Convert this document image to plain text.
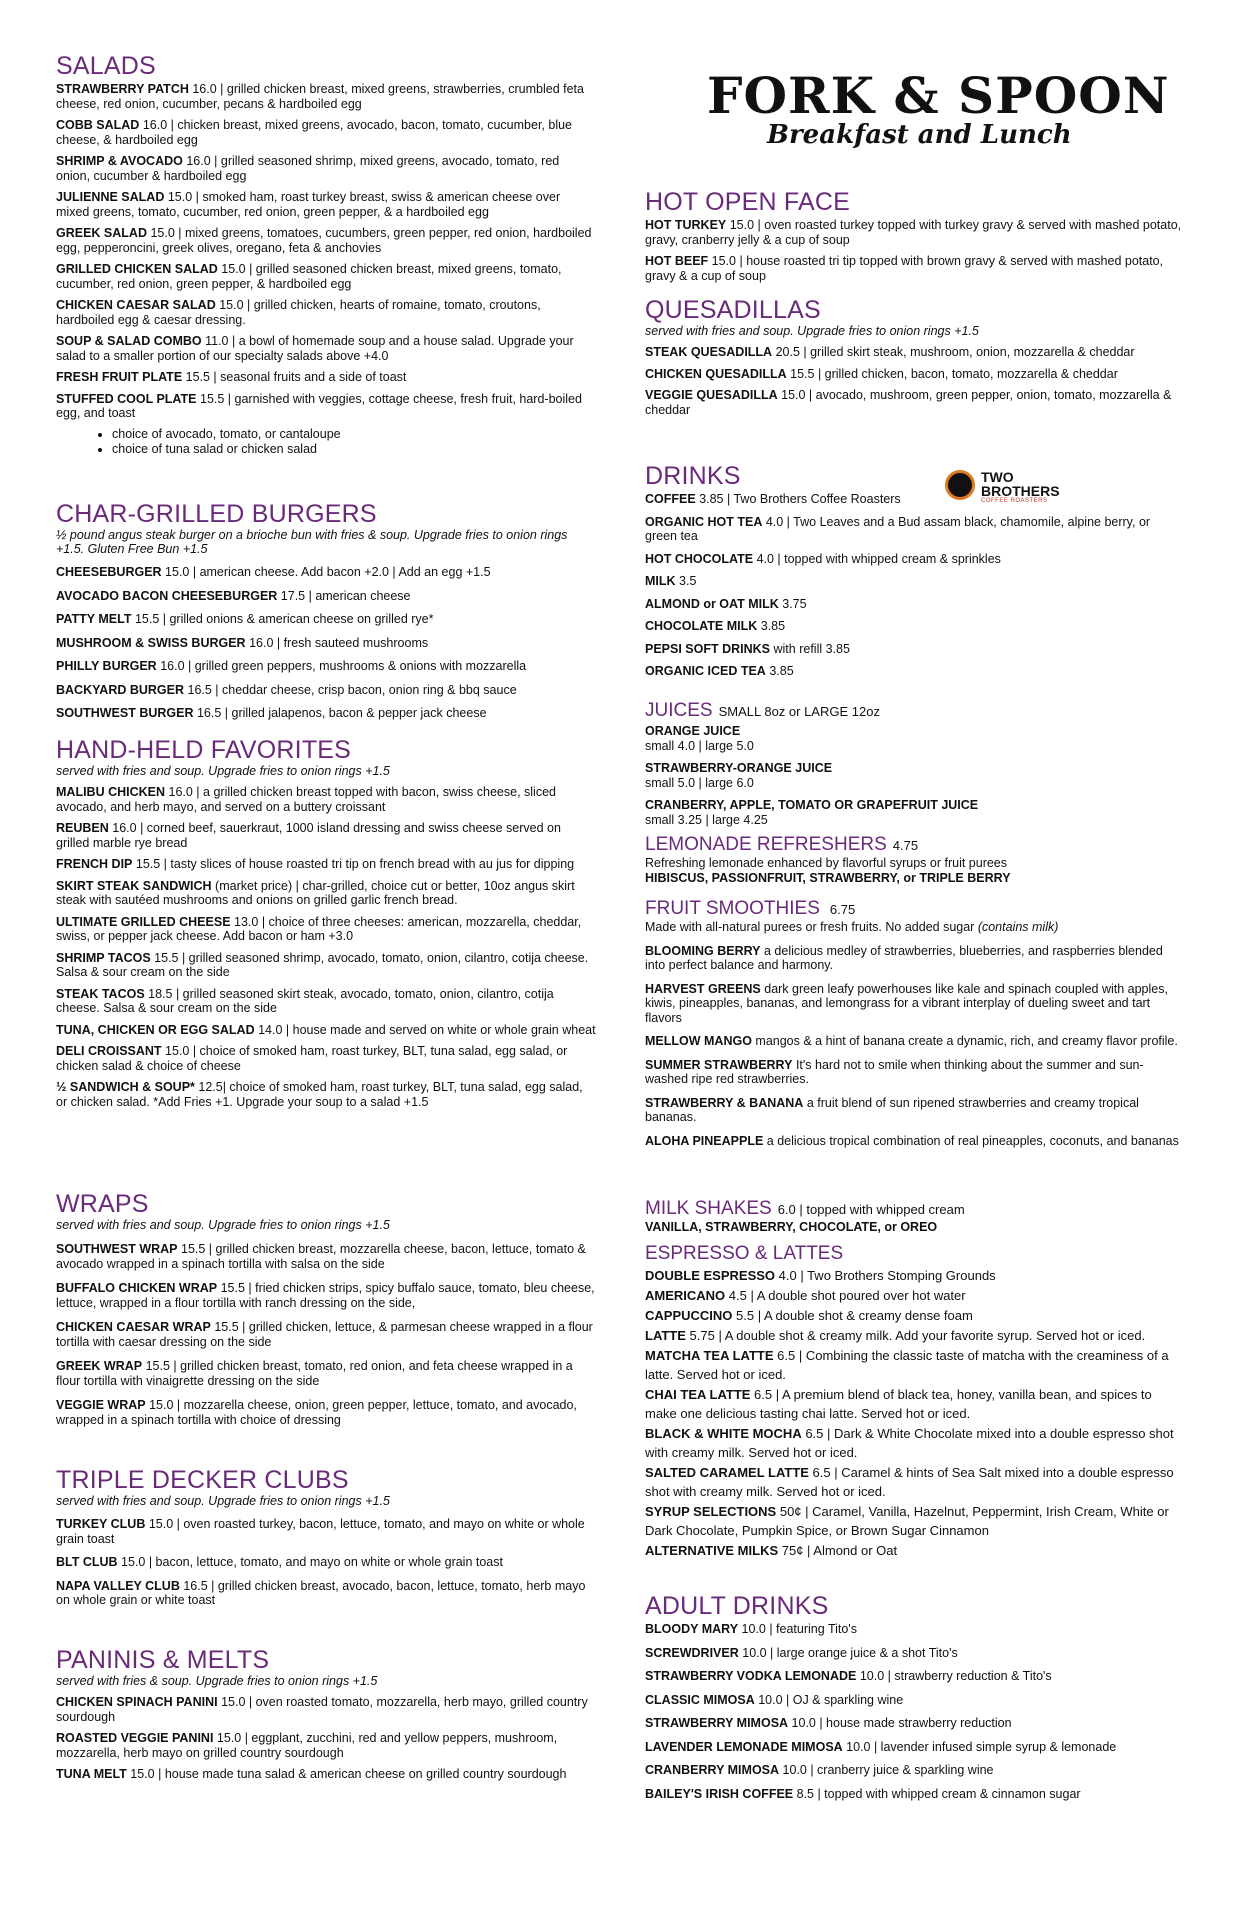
FORK & SPOON
Breakfast and Lunch
SALADS
STRAWBERRY PATCH 16.0 | grilled chicken breast, mixed greens, strawberries, crumbled feta cheese, red onion, cucumber, pecans & hardboiled egg
COBB SALAD 16.0 | chicken breast, mixed greens, avocado, bacon, tomato, cucumber, blue cheese, & hardboiled egg
SHRIMP & AVOCADO 16.0 | grilled seasoned shrimp, mixed greens, avocado, tomato, red onion, cucumber & hardboiled egg
JULIENNE SALAD 15.0 | smoked ham, roast turkey breast, swiss & american cheese over mixed greens, tomato, cucumber, red onion, green pepper, & a hardboiled egg
GREEK SALAD 15.0 | mixed greens, tomatoes, cucumbers, green pepper, red onion, hardboiled egg, pepperoncini, greek olives, oregano, feta & anchovies
GRILLED CHICKEN SALAD 15.0 | grilled seasoned chicken breast, mixed greens, tomato, cucumber, red onion, green pepper, & hardboiled egg
CHICKEN CAESAR SALAD 15.0 | grilled chicken, hearts of romaine, tomato, croutons, hardboiled egg & caesar dressing.
SOUP & SALAD COMBO 11.0 | a bowl of homemade soup and a house salad. Upgrade your salad to a smaller portion of our specialty salads above +4.0
FRESH FRUIT PLATE 15.5 | seasonal fruits and a side of toast
STUFFED COOL PLATE 15.5 | garnished with veggies, cottage cheese, fresh fruit, hard-boiled egg, and toast
• choice of avocado, tomato, or cantaloupe
• choice of tuna salad or chicken salad
CHAR-GRILLED BURGERS
½ pound angus steak burger on a brioche bun with fries & soup. Upgrade fries to onion rings +1.5. Gluten Free Bun +1.5
CHEESEBURGER 15.0 | american cheese. Add bacon +2.0 | Add an egg +1.5
AVOCADO BACON CHEESEBURGER 17.5 | american cheese
PATTY MELT 15.5 | grilled onions & american cheese on grilled rye*
MUSHROOM & SWISS BURGER 16.0 | fresh sauteed mushrooms
PHILLY BURGER 16.0 | grilled green peppers, mushrooms & onions with mozzarella
BACKYARD BURGER 16.5 | cheddar cheese, crisp bacon, onion ring & bbq sauce
SOUTHWEST BURGER 16.5 | grilled jalapenos, bacon & pepper jack cheese
HAND-HELD FAVORITES
served with fries and soup. Upgrade fries to onion rings +1.5
MALIBU CHICKEN 16.0 | a grilled chicken breast topped with bacon, swiss cheese, sliced avocado, and herb mayo, and served on a buttery croissant
REUBEN 16.0 | corned beef, sauerkraut, 1000 island dressing and swiss cheese served on grilled marble rye bread
FRENCH DIP 15.5 | tasty slices of house roasted tri tip on french bread with au jus for dipping
SKIRT STEAK SANDWICH (market price) | char-grilled, choice cut or better, 10oz angus skirt steak with sautéed mushrooms and onions on grilled garlic french bread.
ULTIMATE GRILLED CHEESE 13.0 | choice of three cheeses: american, mozzarella, cheddar, swiss, or pepper jack cheese. Add bacon or ham +3.0
SHRIMP TACOS 15.5 | grilled seasoned shrimp, avocado, tomato, onion, cilantro, cotija cheese. Salsa & sour cream on the side
STEAK TACOS 18.5 | grilled seasoned skirt steak, avocado, tomato, onion, cilantro, cotija cheese. Salsa & sour cream on the side
TUNA, CHICKEN OR EGG SALAD 14.0 | house made and served on white or whole grain wheat
DELI CROISSANT 15.0 | choice of smoked ham, roast turkey, BLT, tuna salad, egg salad, or chicken salad & choice of cheese
½ SANDWICH & SOUP* 12.5| choice of smoked ham, roast turkey, BLT, tuna salad, egg salad, or chicken salad. *Add Fries +1. Upgrade your soup to a salad +1.5
WRAPS
served with fries and soup. Upgrade fries to onion rings +1.5
SOUTHWEST WRAP 15.5 | grilled chicken breast, mozzarella cheese, bacon, lettuce, tomato & avocado wrapped in a spinach tortilla with salsa on the side
BUFFALO CHICKEN WRAP 15.5 | fried chicken strips, spicy buffalo sauce, tomato, bleu cheese, lettuce, wrapped in a flour tortilla with ranch dressing on the side,
CHICKEN CAESAR WRAP 15.5 | grilled chicken, lettuce, & parmesan cheese wrapped in a flour tortilla with caesar dressing on the side
GREEK WRAP 15.5 | grilled chicken breast, tomato, red onion, and feta cheese wrapped in a flour tortilla with vinaigrette dressing on the side
VEGGIE WRAP 15.0 | mozzarella cheese, onion, green pepper, lettuce, tomato, and avocado, wrapped in a spinach tortilla with choice of dressing
TRIPLE DECKER CLUBS
served with fries and soup. Upgrade fries to onion rings +1.5
TURKEY CLUB 15.0 | oven roasted turkey, bacon, lettuce, tomato, and mayo on white or whole grain toast
BLT CLUB 15.0 | bacon, lettuce, tomato, and mayo on white or whole grain toast
NAPA VALLEY CLUB 16.5 | grilled chicken breast, avocado, bacon, lettuce, tomato, herb mayo on whole grain or white toast
PANINIS & MELTS
served with fries & soup. Upgrade fries to onion rings +1.5
CHICKEN SPINACH PANINI 15.0 | oven roasted tomato, mozzarella, herb mayo, grilled country sourdough
ROASTED VEGGIE PANINI 15.0 | eggplant, zucchini, red and yellow peppers, mushroom, mozzarella, herb mayo on grilled country sourdough
TUNA MELT 15.0 | house made tuna salad & american cheese on grilled country sourdough
HOT OPEN FACE
HOT TURKEY 15.0 | oven roasted turkey topped with turkey gravy & served with mashed potato, gravy, cranberry jelly & a cup of soup
HOT BEEF 15.0 | house roasted tri tip topped with brown gravy & served with mashed potato, gravy & a cup of soup
QUESADILLAS
served with fries and soup. Upgrade fries to onion rings +1.5
STEAK QUESADILLA 20.5 | grilled skirt steak, mushroom, onion, mozzarella & cheddar
CHICKEN QUESADILLA 15.5 | grilled chicken, bacon, tomato, mozzarella & cheddar
VEGGIE QUESADILLA 15.0 | avocado, mushroom, green pepper, onion, tomato, mozzarella & cheddar
DRINKS
COFFEE 3.85 | Two Brothers Coffee Roasters
ORGANIC HOT TEA 4.0 | Two Leaves and a Bud assam black, chamomile, alpine berry, or green tea
HOT CHOCOLATE 4.0 | topped with whipped cream & sprinkles
MILK 3.5
ALMOND or OAT MILK 3.75
CHOCOLATE MILK 3.85
PEPSI SOFT DRINKS with refill 3.85
ORGANIC ICED TEA 3.85
JUICES SMALL 8oz or LARGE 12oz
ORANGE JUICE
small 4.0 | large 5.0
STRAWBERRY-ORANGE JUICE
small 5.0 | large 6.0
CRANBERRY, APPLE, TOMATO OR GRAPEFRUIT JUICE
small 3.25 | large 4.25
LEMONADE REFRESHERS 4.75
Refreshing lemonade enhanced by flavorful syrups or fruit purees
HIBISCUS, PASSIONFRUIT, STRAWBERRY, or TRIPLE BERRY
FRUIT SMOOTHIES 6.75
Made with all-natural purees or fresh fruits. No added sugar (contains milk)
BLOOMING BERRY a delicious medley of strawberries, blueberries, and raspberries blended into perfect balance and harmony.
HARVEST GREENS dark green leafy powerhouses like kale and spinach coupled with apples, kiwis, pineapples, bananas, and lemongrass for a vibrant interplay of dueling sweet and tart flavors
MELLOW MANGO mangos & a hint of banana create a dynamic, rich, and creamy flavor profile.
SUMMER STRAWBERRY It's hard not to smile when thinking about the summer and sun-washed ripe red strawberries.
STRAWBERRY & BANANA a fruit blend of sun ripened strawberries and creamy tropical bananas.
ALOHA PINEAPPLE a delicious tropical combination of real pineapples, coconuts, and bananas
MILK SHAKES 6.0 | topped with whipped cream
VANILLA, STRAWBERRY, CHOCOLATE, or OREO
ESPRESSO & LATTES
DOUBLE ESPRESSO 4.0 | Two Brothers Stomping Grounds
AMERICANO 4.5 | A double shot poured over hot water
CAPPUCCINO 5.5 | A double shot & creamy dense foam
LATTE 5.75 | A double shot & creamy milk. Add your favorite syrup. Served hot or iced.
MATCHA TEA LATTE 6.5 | Combining the classic taste of matcha with the creaminess of a latte. Served hot or iced.
CHAI TEA LATTE 6.5 | A premium blend of black tea, honey, vanilla bean, and spices to make one delicious tasting chai latte. Served hot or iced.
BLACK & WHITE MOCHA 6.5 | Dark & White Chocolate mixed into a double espresso shot with creamy milk. Served hot or iced.
SALTED CARAMEL LATTE 6.5 | Caramel & hints of Sea Salt mixed into a double espresso shot with creamy milk. Served hot or iced.
SYRUP SELECTIONS 50¢ | Caramel, Vanilla, Hazelnut, Peppermint, Irish Cream, White or Dark Chocolate, Pumpkin Spice, or Brown Sugar Cinnamon
ALTERNATIVE MILKS 75¢ | Almond or Oat
ADULT DRINKS
BLOODY MARY 10.0 | featuring Tito's
SCREWDRIVER 10.0 | large orange juice & a shot Tito's
STRAWBERRY VODKA LEMONADE 10.0 | strawberry reduction & Tito's
CLASSIC MIMOSA 10.0 | OJ & sparkling wine
STRAWBERRY MIMOSA 10.0 | house made strawberry reduction
LAVENDER LEMONADE MIMOSA 10.0 | lavender infused simple syrup & lemonade
CRANBERRY MIMOSA 10.0 | cranberry juice & sparkling wine
BAILEY'S IRISH COFFEE 8.5 | topped with whipped cream & cinnamon sugar
TWO BROTHERS
COFFEE ROASTERS
